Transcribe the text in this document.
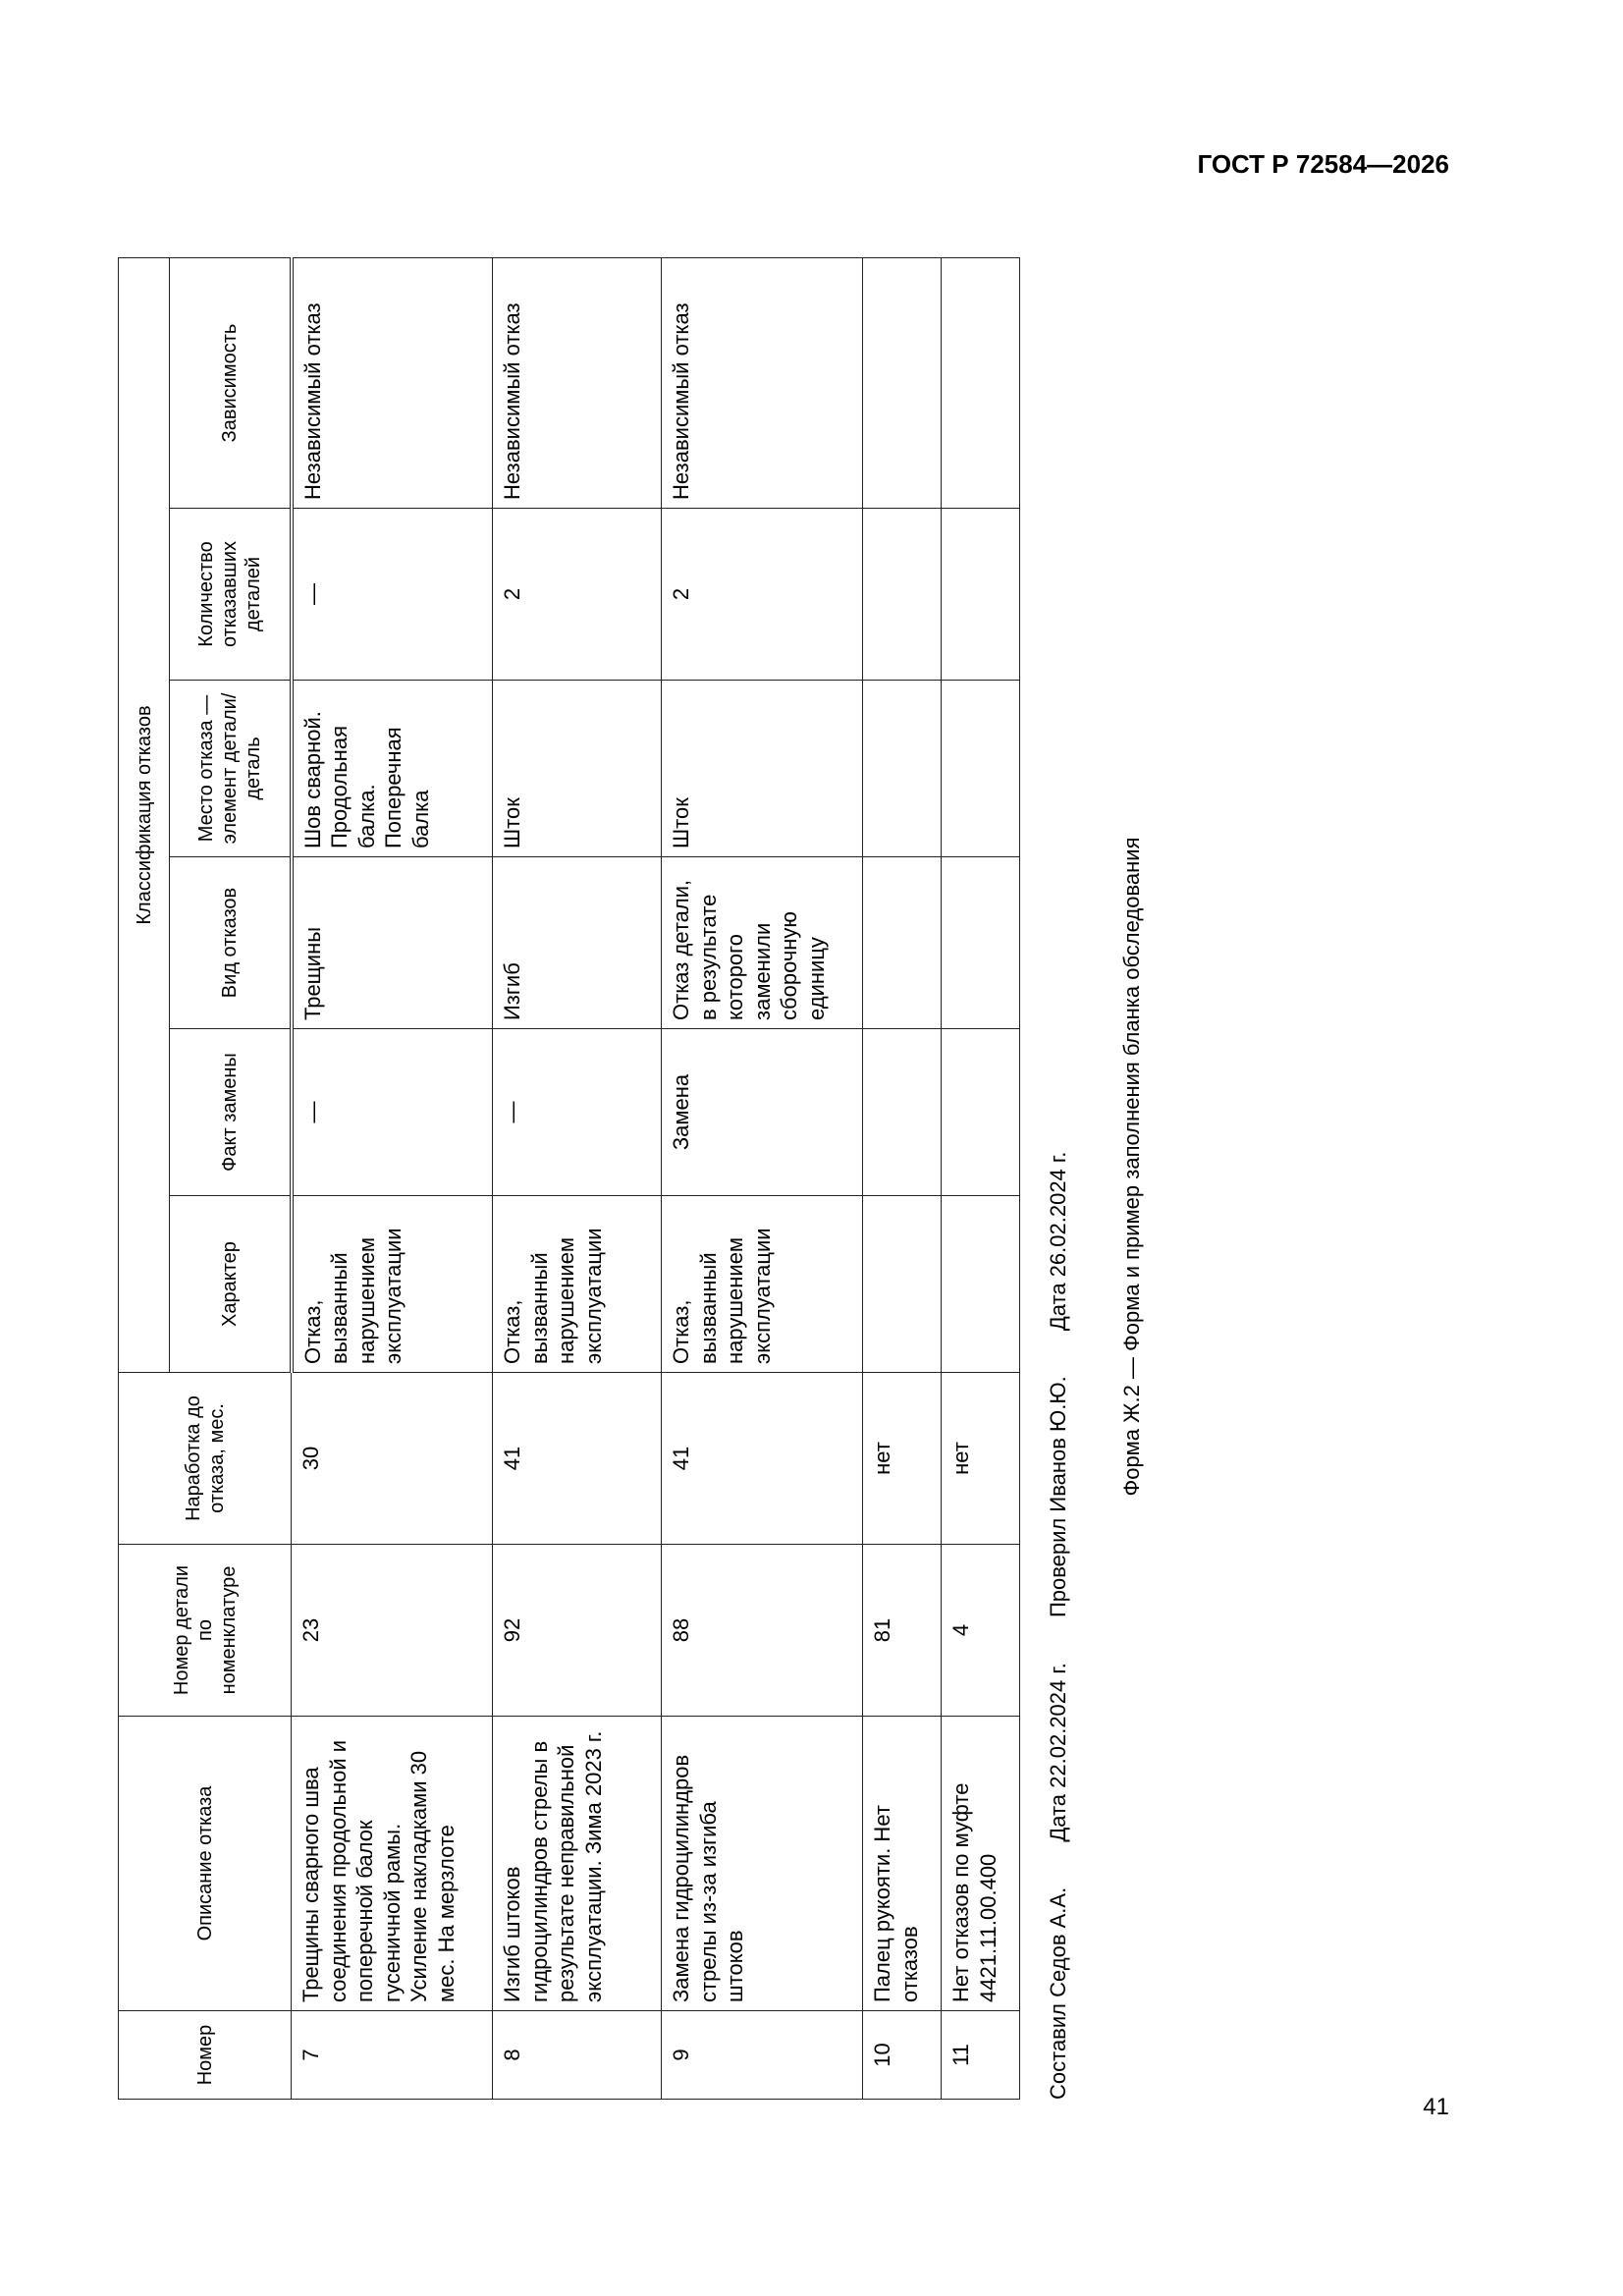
ГОСТ Р 72584—2026
Номер	Описание отказа	Номер детали по номенклатуре	Наработка до отказа, мес.	Классификация отказов					
				Характер	Факт замены	Вид отказов	Место отказа — элемент детали/деталь	Количество отказавших деталей	Зависимость
7	Трещины сварного шва соединения продольной и поперечной балок гусеничной рамы. Усиление накладками 30 мес. На мерзлоте	23	30	Отказ, вызванный нарушением эксплуатации	—	Трещины	Шов сварной. Продольная балка. Поперечная балка	—	Независимый отказ
8	Изгиб штоков гидроцилиндров стрелы в результате неправильной эксплуатации. Зима 2023 г.	92	41	Отказ, вызванный нарушением эксплуатации	—	Изгиб	Шток	2	Независимый отказ
9	Замена гидроцилиндров стрелы из-за изгиба штоков	88	41	Отказ, вызванный нарушением эксплуатации	Замена	Отказ детали, в результате которого заменили сборочную единицу	Шток	2	Независимый отказ
10	Палец рукояти. Нет отказов	81	нет						
11	Нет отказов по муфте 4421.11.00.400	4	нет						
Составил Седов А.А. Дата 22.02.2024 г. Проверил Иванов Ю.Ю. Дата 26.02.2024 г. Форма Ж.2 — Форма и пример заполнения бланка обследования
41
